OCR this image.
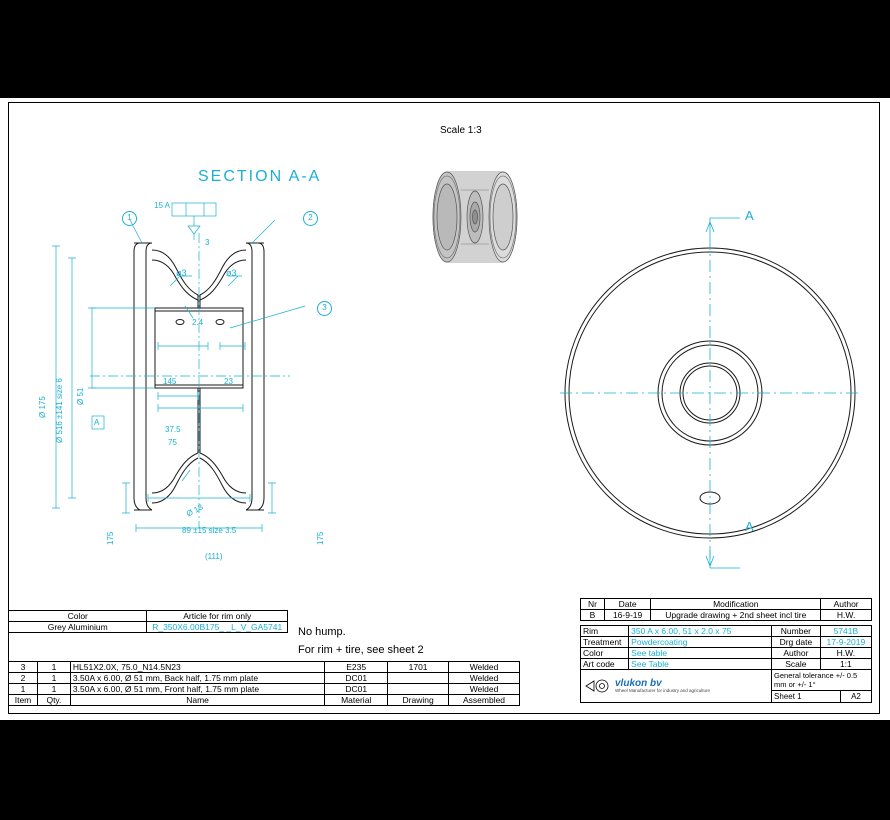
Scale 1:3
SECTION A-A
ø3	ø3
1	2
3
15 A
3
2.4
145	23
37.5
75
A
Ø 13
89 ±15 size 3.5
(111)
175	175
Ø 175 Ø 516 ±141 size 6 Ø 51
A
A
Color	Article for rim only
Grey Aluminium	R_350X6.00B175_ _L_V_GA5741 No hump.
For rim + tire, see sheet 2
3	1	HL51X2.0X, 75.0_N14.5N23	E235	1701	Welded
2	1	3.50A x 6.00, Ø 51 mm, Back half, 1.75 mm plate	DC01		Welded
1	1	3.50A x 6.00, Ø 51 mm, Front half, 1.75 mm plate	DC01		Welded
Item	Qty.	Name	Material	Drawing	Assembled
Nr	Date	Modification	Author
B	16-9-19	Upgrade drawing + 2nd sheet incl tire	H.W.
Rim	350 A x 6.00, 51 x 2.0 x 75	Number	5741B
Treatment	Powdercoating	Drg date	17-9-2019
Color	See table	Author	H.W.
Art code	See Table	Scale	1:1

vlukon bv
Wheel Manufacturer for industry and agriculture

General tolerance +/- 0.5 mm or +/- 1°
Sheet 1	A2
